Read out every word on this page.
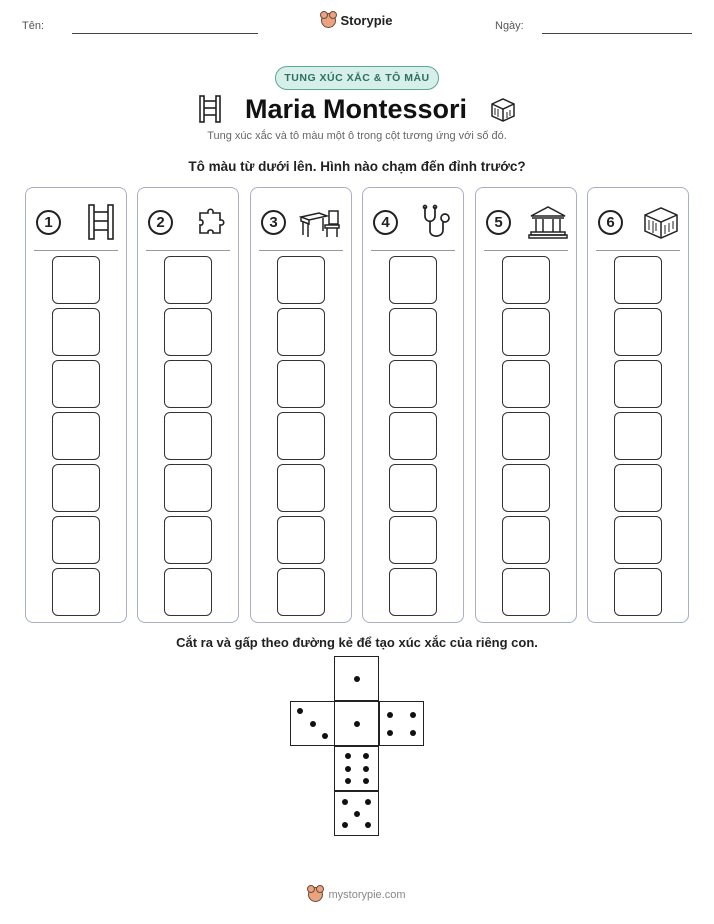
Tên:	Storypie	Ngày:
TUNG XÚC XẮC & TÔ MÀU
Maria Montessori
Tung xúc xắc và tô màu một ô trong cột tương ứng với số đó.
Tô màu từ dưới lên. Hình nào chạm đến đỉnh trước?
1	2	3	4	5	6
Cắt ra và gấp theo đường kẻ để tạo xúc xắc của riêng con.
mystorypie.com
